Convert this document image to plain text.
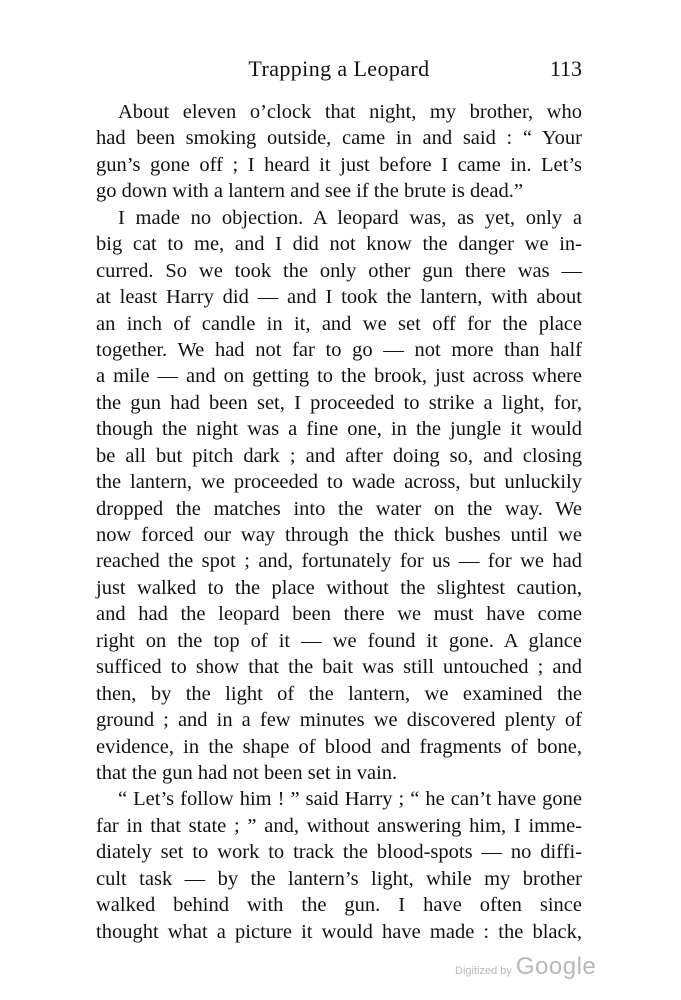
Trapping a Leopard	113
About eleven o’clock that night, my brother, who
had been smoking outside, came in and said : “ Your
gun’s gone off ; I heard it just before I came in. Let’s
go down with a lantern and see if the brute is dead.”
I made no objection. A leopard was, as yet, only a
big cat to me, and I did not know the danger we in-
curred. So we took the only other gun there was —
at least Harry did — and I took the lantern, with about
an inch of candle in it, and we set off for the place
together. We had not far to go — not more than half
a mile — and on getting to the brook, just across where
the gun had been set, I proceeded to strike a light, for,
though the night was a fine one, in the jungle it would
be all but pitch dark ; and after doing so, and closing
the lantern, we proceeded to wade across, but unluckily
dropped the matches into the water on the way. We
now forced our way through the thick bushes until we
reached the spot ; and, fortunately for us — for we had
just walked to the place without the slightest caution,
and had the leopard been there we must have come
right on the top of it — we found it gone. A glance
sufficed to show that the bait was still untouched ; and
then, by the light of the lantern, we examined the
ground ; and in a few minutes we discovered plenty of
evidence, in the shape of blood and fragments of bone,
that the gun had not been set in vain.
“ Let’s follow him ! ” said Harry ; “ he can’t have gone
far in that state ; ” and, without answering him, I imme-
diately set to work to track the blood-spots — no diffi-
cult task — by the lantern’s light, while my brother
walked behind with the gun. I have often since
thought what a picture it would have made : the black,
Digitized by Google
